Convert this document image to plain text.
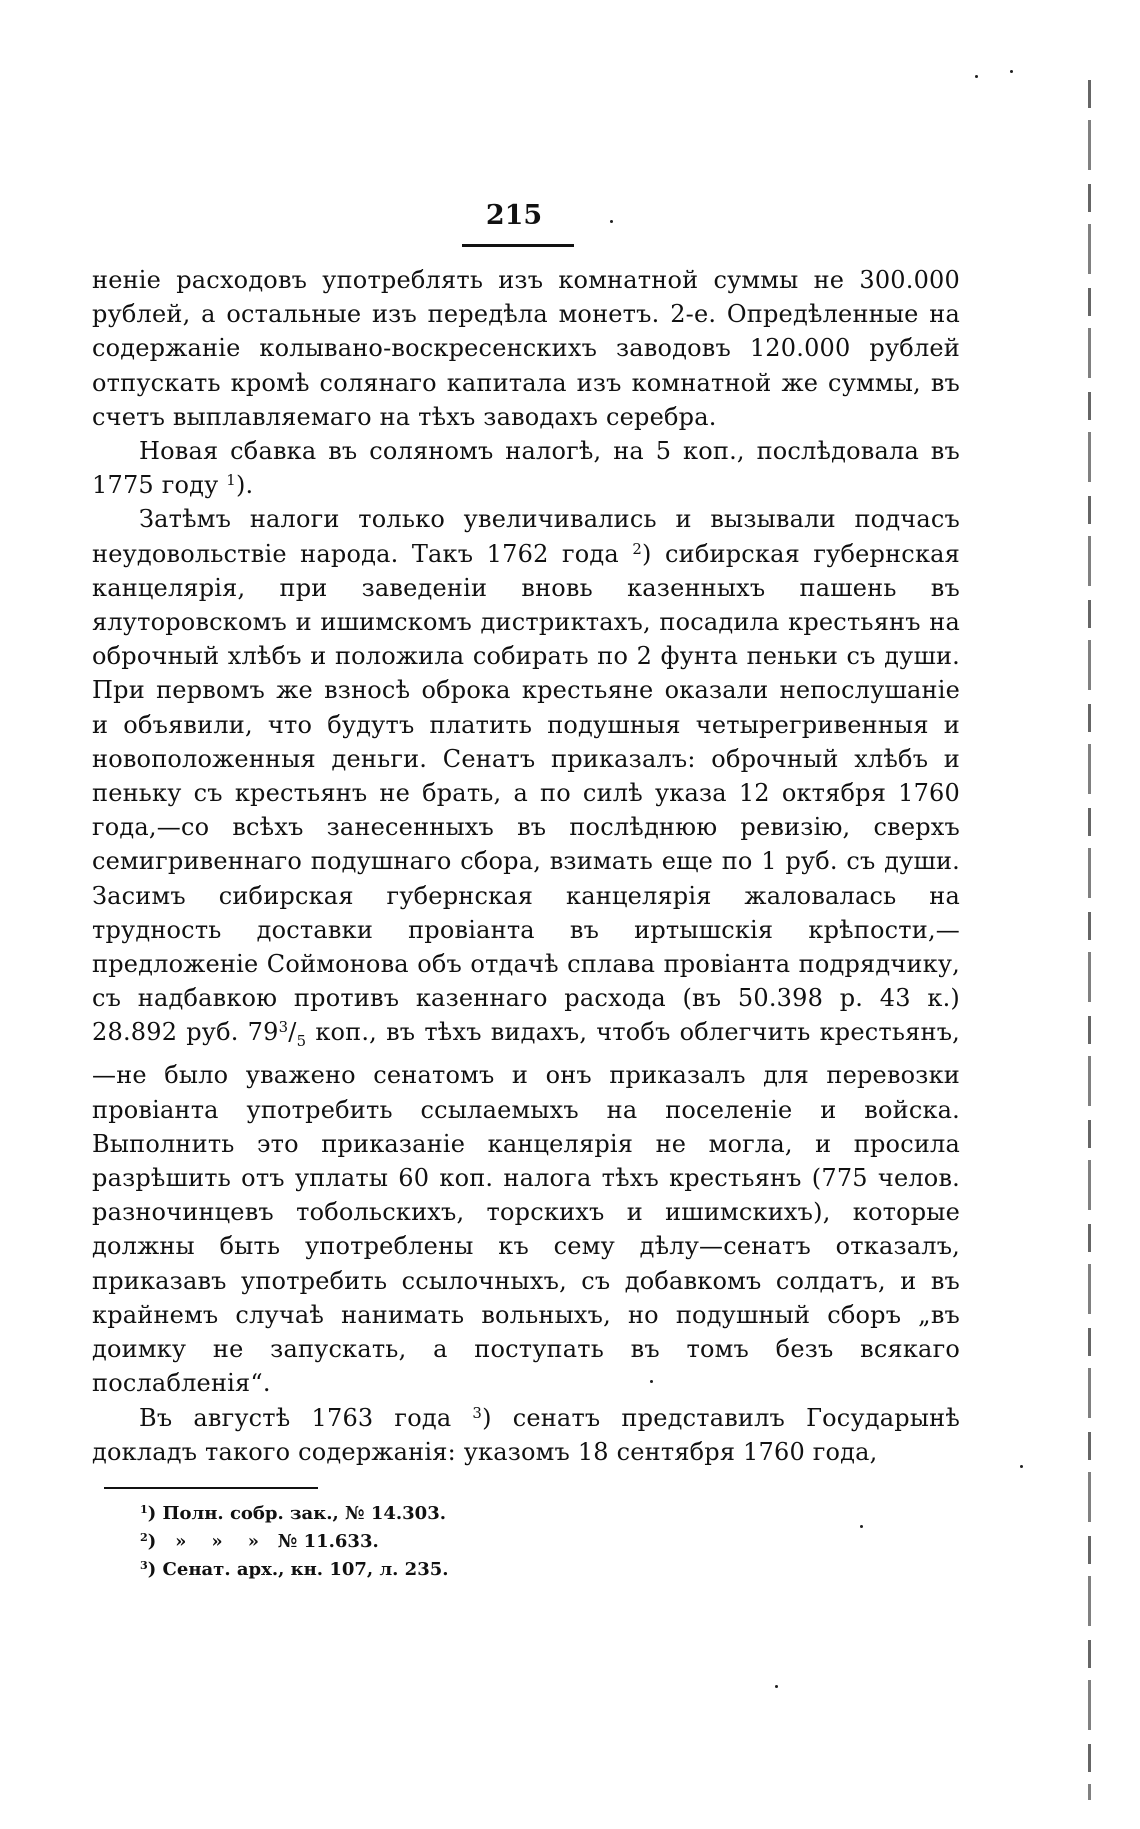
215

ненiе расходовъ употреблять изъ комнатной суммы не 300.000 рублей, а остальные изъ передѣла монетъ. 2-е. Опредѣленные на содержанiе колывано-воскресенскихъ заводовъ 120.000 рублей отпускать кромѣ солянаго капитала изъ комнатной же суммы, въ счетъ выплавляемаго на тѣхъ заводахъ серебра.

Новая сбавка въ соляномъ налогѣ, на 5 коп., послѣдовала въ 1775 году $^1$).

Затѣмъ налоги только увеличивались и вызывали подчасъ неудовольствiе народа. Такъ 1762 года $^2$) сибирская губернская канцелярiя, при заведенiи вновь казенныхъ пашень въ ялуторовскомъ и ишимскомъ дистриктахъ, посадила крестьянъ на оброчный хлѣбъ и положила собирать по 2 фунта пеньки съ души. При первомъ же взносѣ оброка крестьяне оказали непослушанiе и объявили, что будутъ платить подушныя четырегривенныя и новоположенныя деньги. Сенатъ приказалъ: оброчный хлѣбъ и пеньку съ крестьянъ не брать, а по силѣ указа 12 октября 1760 года,—со всѣхъ занесенныхъ въ послѣднюю ревизiю, сверхъ семигривеннаго подушнаго сбора, взимать еще по 1 руб. съ души. Засимъ сибирская губернская канцелярiя жаловалась на трудность доставки провiанта въ иртышскiя крѣпости,—предложенiе Соймонова объ отдачѣ сплава провiанта подрядчику, съ надбавкою противъ казеннаго расхода (въ 50.398 р. 43 к.) 28.892 руб. $79^3/_5$ коп., въ тѣхъ видахъ, чтобъ облегчить крестьянъ,—не было уважено сенатомъ и онъ приказалъ для перевозки провiанта употребить ссылаемыхъ на поселенiе и войска. Выполнить это приказанiе канцелярiя не могла, и просила разрѣшить отъ уплаты 60 коп. налога тѣхъ крестьянъ (775 челов. разночинцевъ тобольскихъ, торскихъ и ишимскихъ), которые должны быть употреблены къ сему дѣлу—сенатъ отказалъ, приказавъ употребить ссылочныхъ, съ добавкомъ солдатъ, и въ крайнемъ случаѣ нанимать вольныхъ, но подушный сборъ „въ доимку не запускать, а поступать въ томъ безъ всякаго послабленiя“.

Въ августѣ 1763 года $^3$) сенатъ представилъ Государынѣ докладъ такого содержанiя: указомъ 18 сентября 1760 года,

$^1$) Полн. собр. зак., № 14.303.
$^2$)   »    »    »   № 11.633.
$^3$) Сенат. арх., кн. 107, л. 235.
